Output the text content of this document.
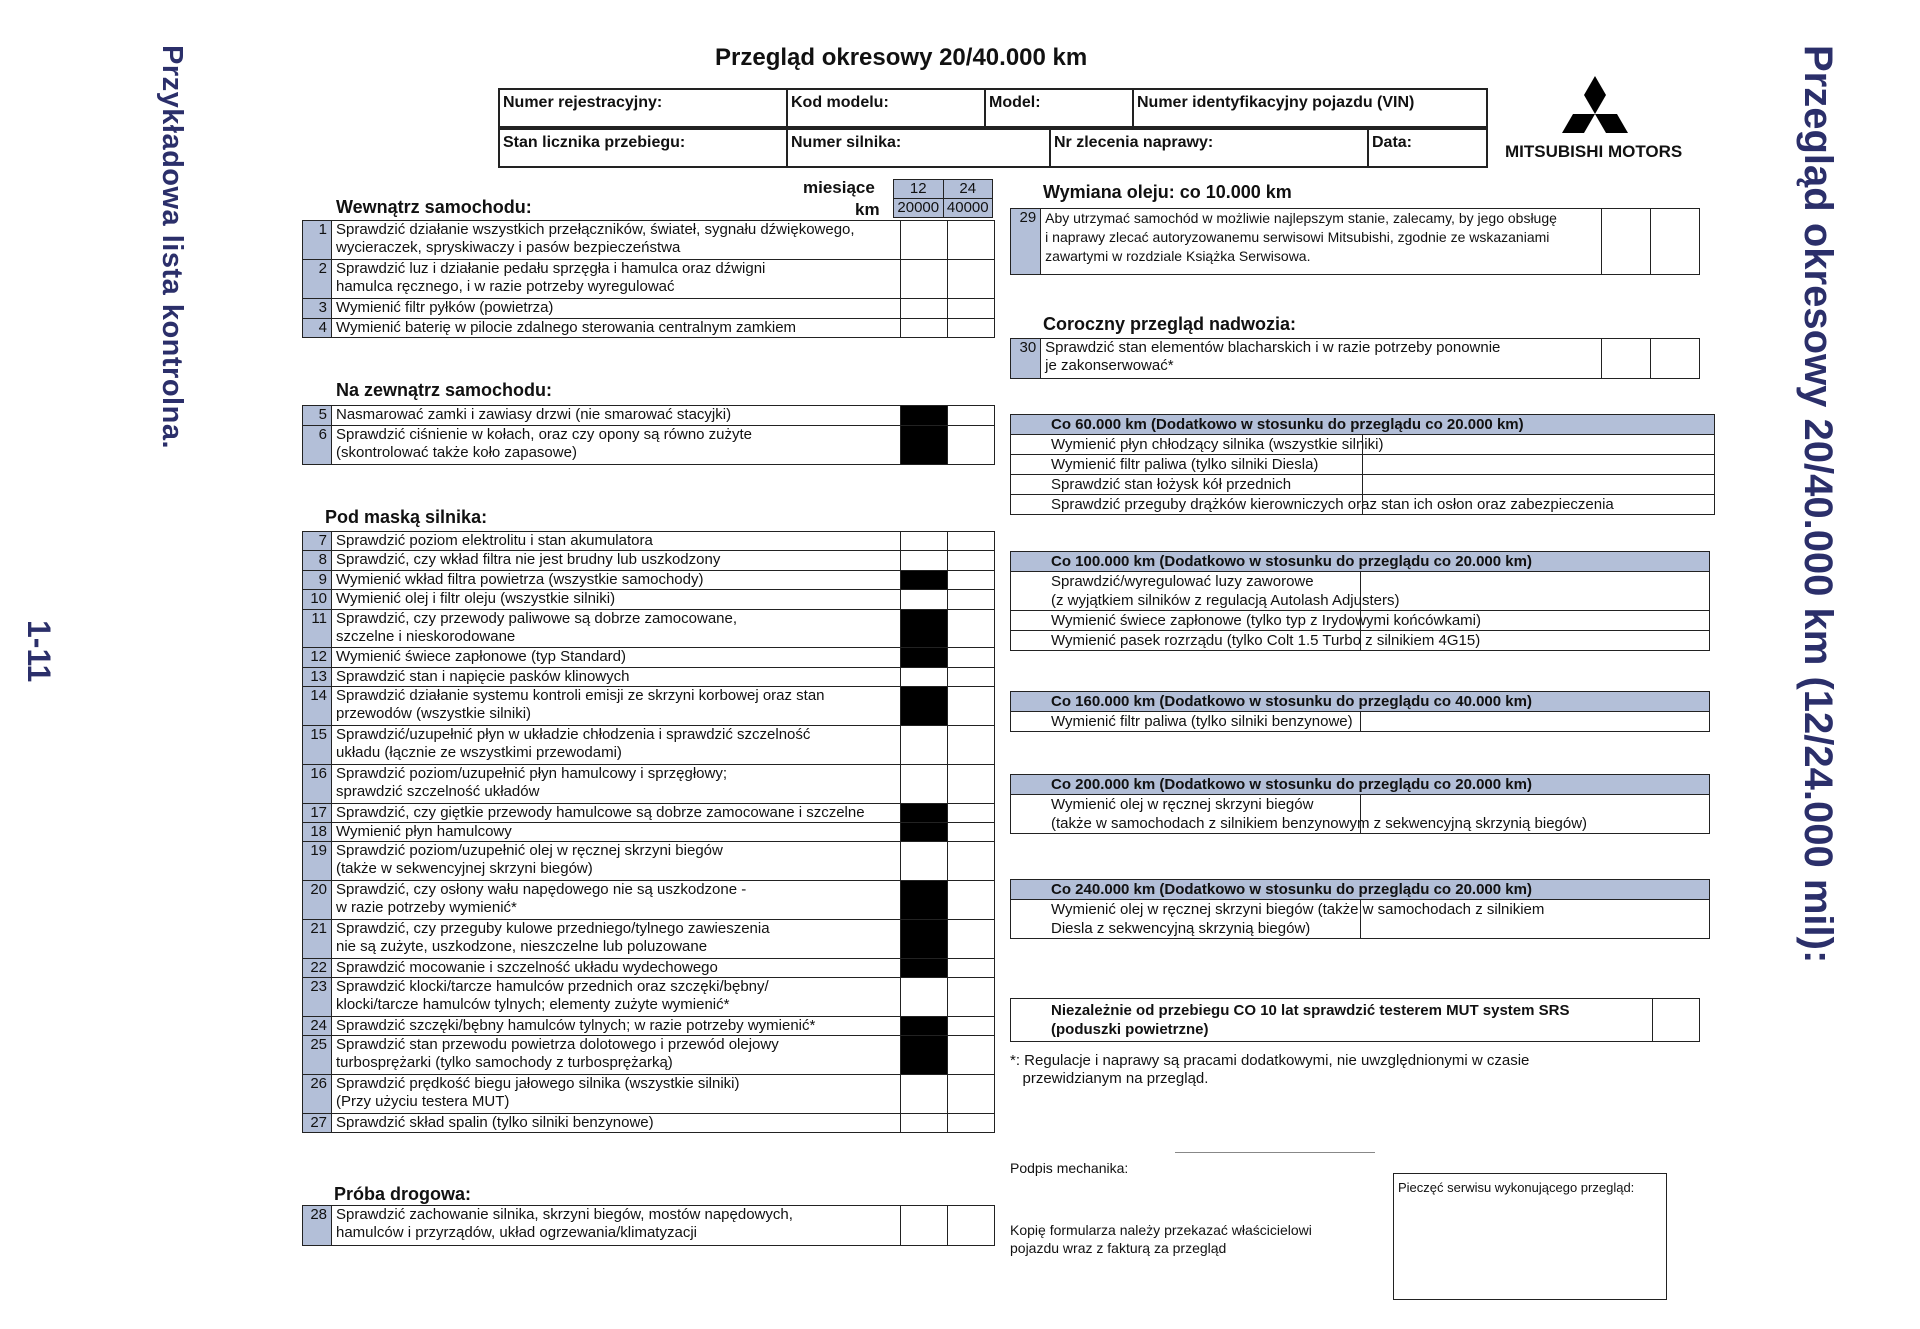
Przykładowa lista kontrolna.
1-11	Przegląd okresowy 20/40.000 km (12/24.000 mil):
Przegląd okresowy 20/40.000 km
Numer rejestracyjny:	Kod modelu:	Model:	Numer identyfikacyjny pojazdu (VIN)
Stan licznika przebiegu:	Numer silnika:	Nr zlecenia naprawy:	Data:	MITSUBISHI MOTORS
miesiące
km
12	24
20000	40000
Wewnątrz samochodu:
Na zewnątrz samochodu:
Pod maską silnika:
Próba drogowa:
1	Sprawdzić działanie wszystkich przełączników, świateł, sygnału dźwiękowego,
wycieraczek, spryskiwaczy i pasów bezpieczeństwa		
2	Sprawdzić luz i działanie pedału sprzęgła i hamulca oraz dźwigni
hamulca ręcznego, i w razie potrzeby wyregulować		
3	Wymienić filtr pyłków (powietrza)		
4	Wymienić baterię w pilocie zdalnego sterowania centralnym zamkiem		
5	Nasmarować zamki i zawiasy drzwi (nie smarować stacyjki)		
6	Sprawdzić ciśnienie w kołach, oraz czy opony są równo zużyte
(skontrolować także koło zapasowe)		
7	Sprawdzić poziom elektrolitu i stan akumulatora		
8	Sprawdzić, czy wkład filtra nie jest brudny lub uszkodzony		
9	Wymienić wkład filtra powietrza (wszystkie samochody)		
10	Wymienić olej i filtr oleju (wszystkie silniki)		
11	Sprawdzić, czy przewody paliwowe są dobrze zamocowane,
szczelne i nieskorodowane		
12	Wymienić świece zapłonowe (typ Standard)		
13	Sprawdzić stan i napięcie pasków klinowych		
14	Sprawdzić działanie systemu kontroli emisji ze skrzyni korbowej oraz stan
przewodów (wszystkie silniki)		
15	Sprawdzić/uzupełnić płyn w układzie chłodzenia i sprawdzić szczelność
układu (łącznie ze wszystkimi przewodami)		
16	Sprawdzić poziom/uzupełnić płyn hamulcowy i sprzęgłowy;
sprawdzić szczelność układów		
17	Sprawdzić, czy giętkie przewody hamulcowe są dobrze zamocowane i szczelne		
18	Wymienić płyn hamulcowy		
19	Sprawdzić poziom/uzupełnić olej w ręcznej skrzyni biegów
(także w sekwencyjnej skrzyni biegów)		
20	Sprawdzić, czy osłony wału napędowego nie są uszkodzone -
w razie potrzeby wymienić*		
21	Sprawdzić, czy przeguby kulowe przedniego/tylnego zawieszenia
nie są zużyte, uszkodzone, nieszczelne lub poluzowane		
22	Sprawdzić mocowanie i szczelność układu wydechowego		
23	Sprawdzić klocki/tarcze hamulców przednich oraz szczęki/bębny/
klocki/tarcze hamulców tylnych; elementy zużyte wymienić*		
24	Sprawdzić szczęki/bębny hamulców tylnych; w razie potrzeby wymienić*		
25	Sprawdzić stan przewodu powietrza dolotowego i przewód olejowy
turbosprężarki (tylko samochody z turbosprężarką)		
26	Sprawdzić prędkość biegu jałowego silnika (wszystkie silniki)
(Przy użyciu testera MUT)		
27	Sprawdzić skład spalin (tylko silniki benzynowe)		
28	Sprawdzić zachowanie silnika, skrzyni biegów, mostów napędowych,
hamulców i przyrządów, układ ogrzewania/klimatyzacji		
Wymiana oleju: co 10.000 km
29	Aby utrzymać samochód w możliwie najlepszym stanie, zalecamy, by jego obsługę
i naprawy zlecać autoryzowanemu serwisowi Mitsubishi, zgodnie ze wskazaniami
zawartymi w rozdziale Książka Serwisowa.		
Coroczny przegląd nadwozia:
30	Sprawdzić stan elementów blacharskich i w razie potrzeby ponownie
je zakonserwować*		
Co 60.000 km (Dodatkowo w stosunku do przeglądu co 20.000 km)	
Wymienić płyn chłodzący silnika (wszystkie silniki)	
Wymienić filtr paliwa (tylko silniki Diesla)	
Sprawdzić stan łożysk kół przednich	
Sprawdzić przeguby drążków kierowniczych oraz stan ich osłon oraz zabezpieczenia	
Co 100.000 km (Dodatkowo w stosunku do przeglądu co 20.000 km)	
Sprawdzić/wyregulować luzy zaworowe
(z wyjątkiem silników z regulacją Autolash Adjusters)	
Wymienić świece zapłonowe (tylko typ z Irydowymi końcówkami)	
Wymienić pasek rozrządu (tylko Colt 1.5 Turbo z silnikiem 4G15)	
Co 160.000 km (Dodatkowo w stosunku do przeglądu co 40.000 km)
Wymienić filtr paliwa (tylko silniki benzynowe)	
Co 200.000 km (Dodatkowo w stosunku do przeglądu co 20.000 km)
Wymienić olej w ręcznej skrzyni biegów
(także w samochodach z silnikiem benzynowym z sekwencyjną skrzynią biegów)	
Co 240.000 km (Dodatkowo w stosunku do przeglądu co 20.000 km)
Wymienić olej w ręcznej skrzyni biegów (także w samochodach z silnikiem
Diesla z sekwencyjną skrzynią biegów)	
Niezależnie od przebiegu CO 10 lat sprawdzić testerem MUT system SRS
(poduszki powietrzne)	
*: Regulacje i naprawy są pracami dodatkowymi, nie uwzględnionymi w czasie
przewidzianym na przegląd.
Podpis mechanika:
Pieczęć serwisu wykonującego przegląd:
Kopię formularza należy przekazać właścicielowi
pojazdu wraz z fakturą za przegląd
